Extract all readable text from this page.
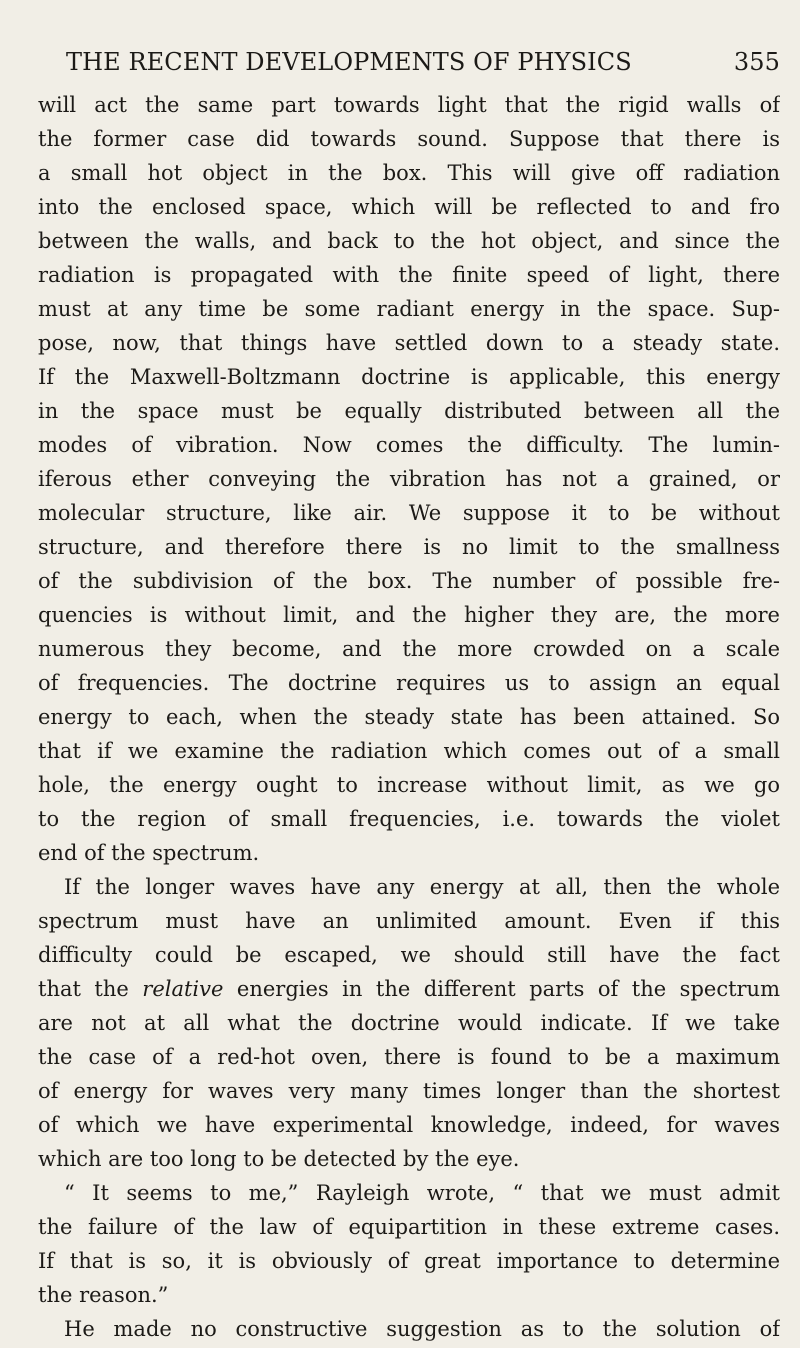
THE RECENT DEVELOPMENTS OF PHYSICS	355
will act the same part towards light that the rigid walls of
the former case did towards sound. Suppose that there is
a small hot object in the box. This will give off radiation
into the enclosed space, which will be reflected to and fro
between the walls, and back to the hot object, and since the
radiation is propagated with the finite speed of light, there
must at any time be some radiant energy in the space. Sup-
pose, now, that things have settled down to a steady state.
If the Maxwell-Boltzmann doctrine is applicable, this energy
in the space must be equally distributed between all the
modes of vibration. Now comes the difficulty. The lumin-
iferous ether conveying the vibration has not a grained, or
molecular structure, like air. We suppose it to be without
structure, and therefore there is no limit to the smallness
of the subdivision of the box. The number of possible fre-
quencies is without limit, and the higher they are, the more
numerous they become, and the more crowded on a scale
of frequencies. The doctrine requires us to assign an equal
energy to each, when the steady state has been attained. So
that if we examine the radiation which comes out of a small
hole, the energy ought to increase without limit, as we go
to the region of small frequencies, i.e. towards the violet
end of the spectrum.
If the longer waves have any energy at all, then the whole
spectrum must have an unlimited amount. Even if this
difficulty could be escaped, we should still have the fact
that the relative energies in the different parts of the spectrum
are not at all what the doctrine would indicate. If we take
the case of a red-hot oven, there is found to be a maximum
of energy for waves very many times longer than the shortest
of which we have experimental knowledge, indeed, for waves
which are too long to be detected by the eye.
“ It seems to me,” Rayleigh wrote, “ that we must admit
the failure of the law of equipartition in these extreme cases.
If that is so, it is obviously of great importance to determine
the reason.”
He made no constructive suggestion as to the solution of
